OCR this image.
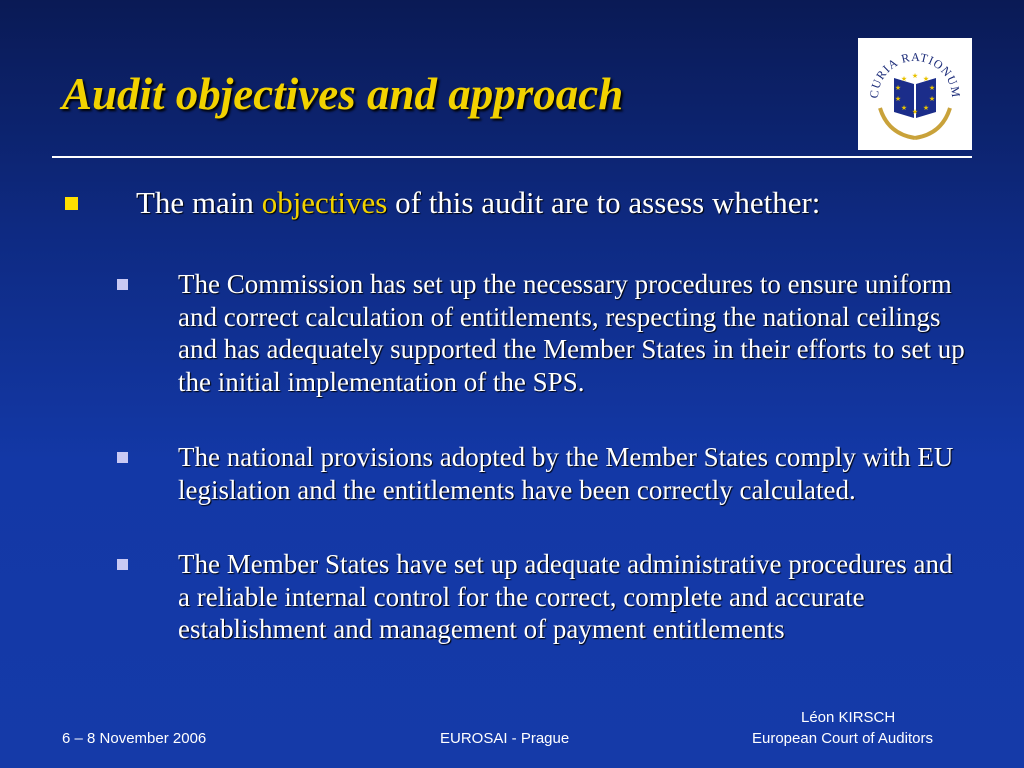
Audit objectives and approach	CURIA RATIONUM
★
★ ★
★	★
★	★
★ ★
★
The main objectives of this audit are to assess whether:
The Commission has set up the necessary procedures to ensure uniform and correct calculation of entitlements, respecting the national ceilings and has adequately supported the Member States in their efforts to set up the initial implementation of the SPS.
The national provisions adopted by the Member States comply with EU legislation and the entitlements have been correctly calculated.
The Member States have set up adequate administrative procedures and a reliable internal control for the correct, complete and accurate establishment and management of payment entitlements
6 – 8 November 2006	EUROSAI - Prague
Léon KIRSCH
European Court of Auditors
